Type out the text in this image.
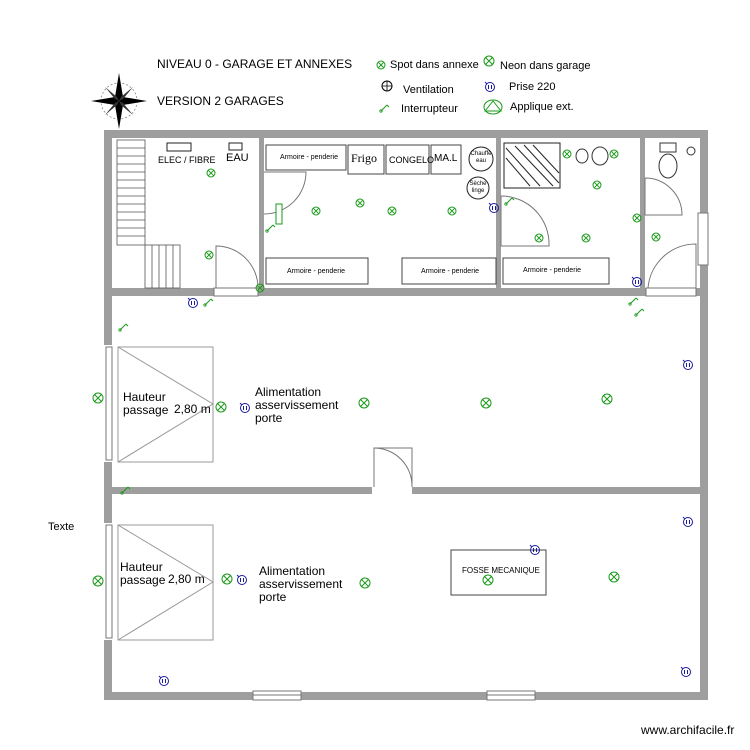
NIVEAU 0 - GARAGE ET ANNEXES
VERSION 2 GARAGES
Spot dans annexe Neon dans garage
Ventilation	Prise 220
Interrupteur	Applique ext.
ELEC / FIBRE EAU	Armoire - penderie Frigo CONGELO MA.L Chauffe eau
Sèche linge
Armoire - penderie	Armoire - penderie	Armoire - penderie
Hauteur passage 2,80 m
Alimentation asservissement porte
Hauteur passage 2,80 m
Alimentation asservissement porte
FOSSE MECANIQUE
Texte
www.archifacile.fr
